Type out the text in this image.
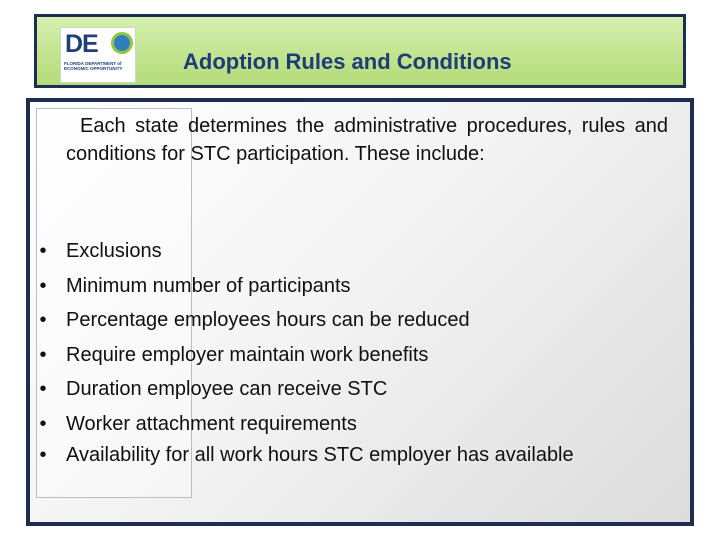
DE
FLORIDA DEPARTMENT of
ECONOMIC OPPORTUNITY	Adoption Rules and Conditions
Each state determines the administrative procedures, rules and conditions for STC participation. These include:
• Exclusions
• Minimum number of participants
• Percentage employees hours can be reduced
• Require employer maintain work benefits
• Duration employee can receive STC
• Worker attachment requirements
• Availability for all work hours STC employer has available
